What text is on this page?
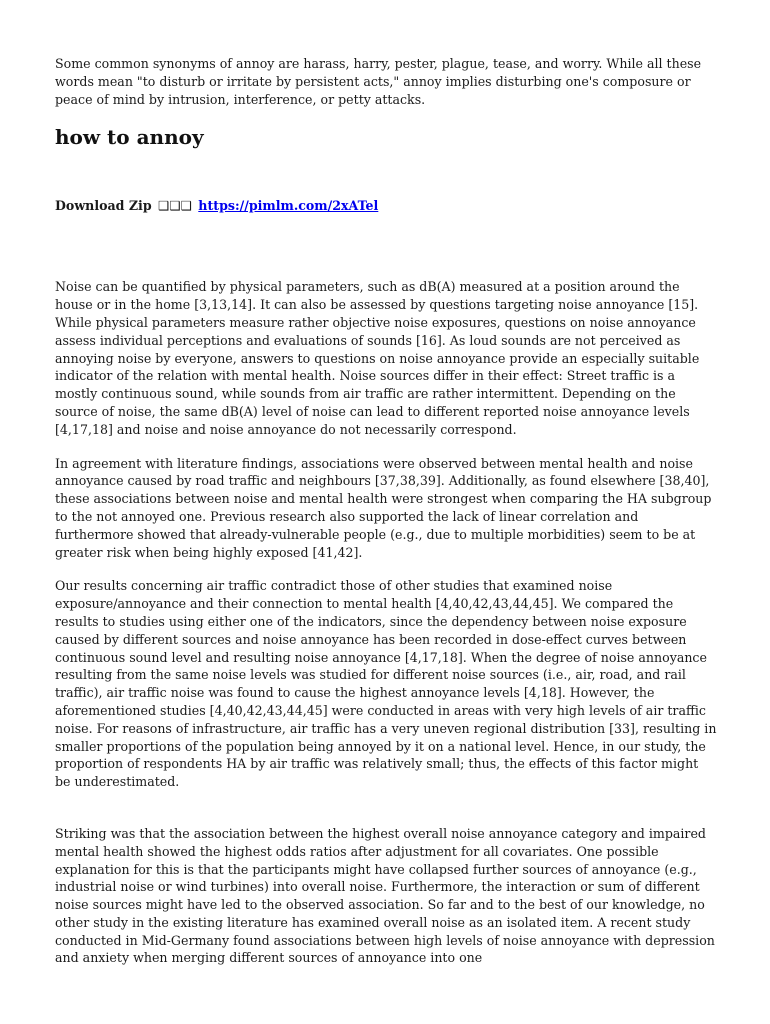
Some common synonyms of annoy are harass, harry, pester, plague, tease, and worry. While all these words mean "to disturb or irritate by persistent acts," annoy implies disturbing one's composure or peace of mind by intrusion, interference, or petty attacks.

how to annoy
Download Zip ❑❑❑ https://pimlm.com/2xATel

Noise can be quantified by physical parameters, such as dB(A) measured at a position around the house or in the home [3,13,14]. It can also be assessed by questions targeting noise annoyance [15]. While physical parameters measure rather objective noise exposures, questions on noise annoyance assess individual perceptions and evaluations of sounds [16]. As loud sounds are not perceived as annoying noise by everyone, answers to questions on noise annoyance provide an especially suitable indicator of the relation with mental health. Noise sources differ in their effect: Street traffic is a mostly continuous sound, while sounds from air traffic are rather intermittent. Depending on the source of noise, the same dB(A) level of noise can lead to different reported noise annoyance levels [4,17,18] and noise and noise annoyance do not necessarily correspond.

In agreement with literature findings, associations were observed between mental health and noise annoyance caused by road traffic and neighbours [37,38,39]. Additionally, as found elsewhere [38,40], these associations between noise and mental health were strongest when comparing the HA subgroup to the not annoyed one. Previous research also supported the lack of linear correlation and furthermore showed that already-vulnerable people (e.g., due to multiple morbidities) seem to be at greater risk when being highly exposed [41,42].

Our results concerning air traffic contradict those of other studies that examined noise exposure/annoyance and their connection to mental health [4,40,42,43,44,45]. We compared the results to studies using either one of the indicators, since the dependency between noise exposure caused by different sources and noise annoyance has been recorded in dose-effect curves between continuous sound level and resulting noise annoyance [4,17,18]. When the degree of noise annoyance resulting from the same noise levels was studied for different noise sources (i.e., air, road, and rail traffic), air traffic noise was found to cause the highest annoyance levels [4,18]. However, the aforementioned studies [4,40,42,43,44,45] were conducted in areas with very high levels of air traffic noise. For reasons of infrastructure, air traffic has a very uneven regional distribution [33], resulting in smaller proportions of the population being annoyed by it on a national level. Hence, in our study, the proportion of respondents HA by air traffic was relatively small; thus, the effects of this factor might be underestimated.

Striking was that the association between the highest overall noise annoyance category and impaired mental health showed the highest odds ratios after adjustment for all covariates. One possible explanation for this is that the participants might have collapsed further sources of annoyance (e.g., industrial noise or wind turbines) into overall noise. Furthermore, the interaction or sum of different noise sources might have led to the observed association. So far and to the best of our knowledge, no other study in the existing literature has examined overall noise as an isolated item. A recent study conducted in Mid-Germany found associations between high levels of noise annoyance with depression and anxiety when merging different sources of annoyance into one
